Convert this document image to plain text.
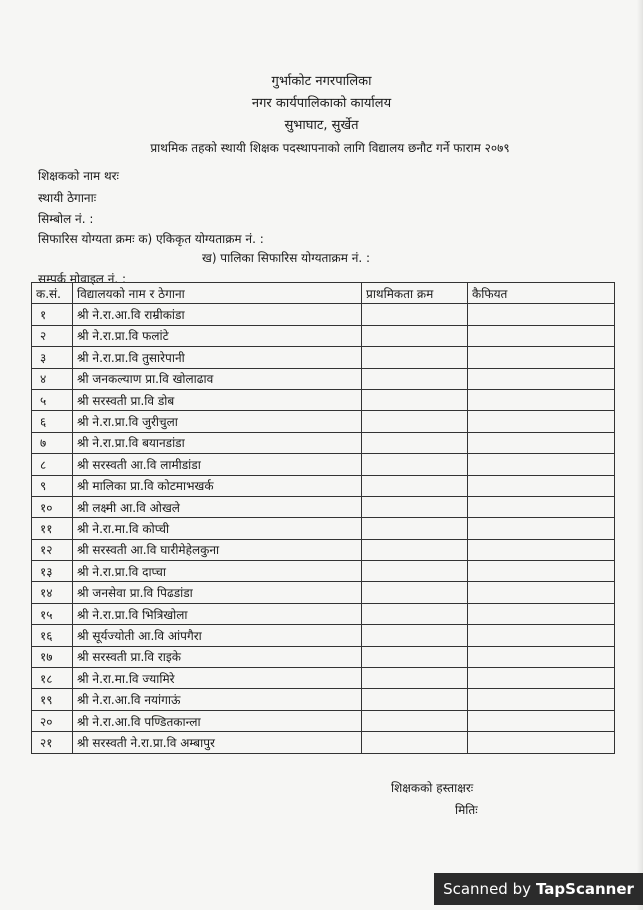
गुर्भाकोट नगरपालिका
नगर कार्यपालिकाको कार्यालय
सुभाघाट, सुर्खेत
प्राथमिक तहको स्थायी शिक्षक पदस्थापनाको लागि विद्यालय छनौट गर्ने फाराम २०७९
शिक्षकको नाम थरः
स्थायी ठेगानाः
सिम्बोल नं. :
सिफारिस योग्यता क्रमः क) एकिकृत योग्यताक्रम नं. :
ख) पालिका सिफारिस योग्यताक्रम नं. :
सम्पर्क मोवाइल नं. :
क.सं.	विद्यालयको नाम र ठेगाना	प्राथमिकता क्रम	कैफियत
१	श्री ने.रा.आ.वि राम्रीकांडा		
२	श्री ने.रा.प्रा.वि फलांटे		
३	श्री ने.रा.प्रा.वि तुसारेपानी		
४	श्री जनकल्याण प्रा.वि खोलाढाव		
५	श्री सरस्वती प्रा.वि डोब		
६	श्री ने.रा.प्रा.वि जुरीचुला		
७	श्री ने.रा.प्रा.वि बयानडांडा		
८	श्री सरस्वती आ.वि लामीडांडा		
९	श्री मालिका प्रा.वि कोटमाभखर्क		
१०	श्री लक्ष्मी आ.वि ओखले		
११	श्री ने.रा.मा.वि कोप्ची		
१२	श्री सरस्वती आ.वि घारीमेहेलकुना		
१३	श्री ने.रा.प्रा.वि दाप्चा		
१४	श्री जनसेवा प्रा.वि पिढडांडा		
१५	श्री ने.रा.प्रा.वि भित्रिखोला		
१६	श्री सूर्यज्योती आ.वि आंपगैरा		
१७	श्री सरस्वती प्रा.वि राइके		
१८	श्री ने.रा.मा.वि ज्यामिरे		
१९	श्री ने.रा.आ.वि नयांगाऊं		
२०	श्री ने.रा.आ.वि पण्डितकान्ला		
२१	श्री सरस्वती ने.रा.प्रा.वि अम्बापुर		
शिक्षकको हस्ताक्षरः
मितिः
Scanned by TapScanner
